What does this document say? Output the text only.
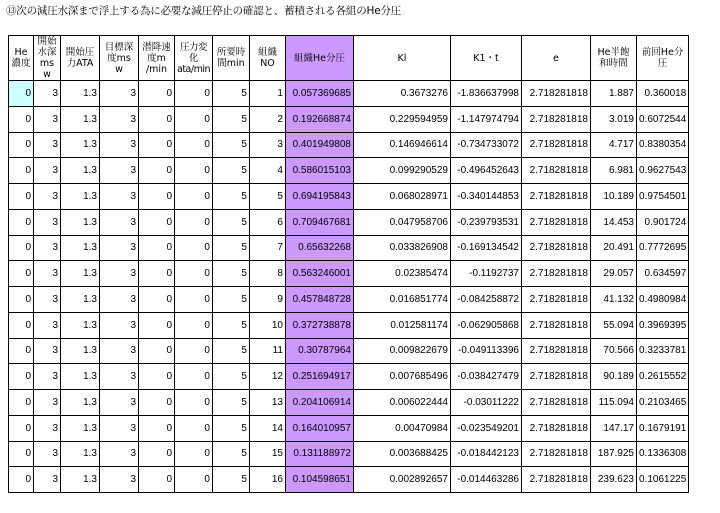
⑬次の減圧水深まで浮上する為に必要な減圧停止の確認と、蓄積される各組のHe分圧
He濃度	開始水深ms w	開始圧力ATA	目標深度ms w	潜降速度m /min	圧力変化 ata/min	所要時間min	組織NO	組織He分圧	Kl	K1・t	e	He半飽和時間	前回He分圧
0	3	1.3	3	0	0	5	1	0.057369685	0.3673276	-1.836637998	2.718281818	1.887	0.360018
0	3	1.3	3	0	0	5	2	0.192668874	0.229594959	-1.147974794	2.718281818	3.019	0.6072544
0	3	1.3	3	0	0	5	3	0.401949808	0.146946614	-0.734733072	2.718281818	4.717	0.8380354
0	3	1.3	3	0	0	5	4	0.586015103	0.099290529	-0.496452643	2.718281818	6.981	0.9627543
0	3	1.3	3	0	0	5	5	0.694195843	0.068028971	-0.340144853	2.718281818	10.189	0.9754501
0	3	1.3	3	0	0	5	6	0.709467681	0.047958706	-0.239793531	2.718281818	14.453	0.901724
0	3	1.3	3	0	0	5	7	0.65632268	0.033826908	-0.169134542	2.718281818	20.491	0.7772695
0	3	1.3	3	0	0	5	8	0.563246001	0.02385474	-0.1192737	2.718281818	29.057	0.634597
0	3	1.3	3	0	0	5	9	0.457848728	0.016851774	-0.084258872	2.718281818	41.132	0.4980984
0	3	1.3	3	0	0	5	10	0.372738878	0.012581174	-0.062905868	2.718281818	55.094	0.3969395
0	3	1.3	3	0	0	5	11	0.30787964	0.009822679	-0.049113396	2.718281818	70.566	0.3233781
0	3	1.3	3	0	0	5	12	0.251694917	0.007685496	-0.038427479	2.718281818	90.189	0.2615552
0	3	1.3	3	0	0	5	13	0.204106914	0.006022444	-0.03011222	2.718281818	115.094	0.2103465
0	3	1.3	3	0	0	5	14	0.164010957	0.00470984	-0.023549201	2.718281818	147.17	0.1679191
0	3	1.3	3	0	0	5	15	0.131188972	0.003688425	-0.018442123	2.718281818	187.925	0.1336308
0	3	1.3	3	0	0	5	16	0.104598651	0.002892657	-0.014463286	2.718281818	239.623	0.1061225
